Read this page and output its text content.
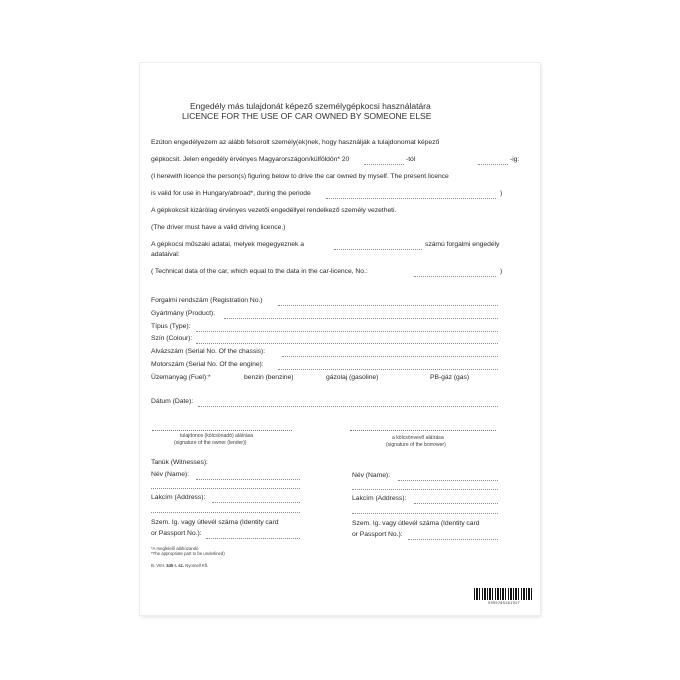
Engedély más tulajdonát képező személygépkocsi használatára
LICENCE FOR THE USE OF CAR OWNED BY SOMEONE ELSE
Ezúton engedélyezem az alább felsorolt személy(ek)nek, hogy használják a tulajdonomat képező
gépkocsit. Jelen engedély érvényes Magyarországon/külföldön* 20	-tól	-ig:
(I herewith licence the person(s) figuring below to drive the car owned by myself. The present licence
is valid for use in Hungary/abroad*, during the periode	)
A gépkokcsit kizárólag érvényes vezetői engedéllyel rendelkező személy vezetheti.
(The driver must have a valid driving licence.)
A gépkocsi műszaki adatai, melyek megegyeznek a	számú forgalmi engedély
adataival:
( Technical data of the car, which equal to the data in the car-licence, No.:	)
Forgalmi rendszám (Registration No.)
Gyártmány (Product):
Típus (Type):
Szín (Colour):
Alvázszám (Serial No. Of the chassis):
Motorszám (Serial No. Of the engine):
Üzemanyag (Fuel):*	benzin (benzine)	gázolaj (gasoline)	PB-gáz (gas)
Dátum (Date):
tulajdonos (kölcsönadó) aláírása
(signature of the owner (lender))
a kölcsönvevő aláírása
(signature of the borrower)
Tanúk (Witnesses):
Név (Name):	Név (Name):
Lakcím (Address):	Lakcím (Address):
Szem. Ig. vagy útlevél száma (Identity card
or Passport No.):
Szem. Ig. vagy útlevél száma (Identity card
or Passport No.):
*A megfelelő aláhúzandó
*The appropriate part to be underlined)
B. VIIII. 345 r. sz. Nyomell Kft.
5999705261927
